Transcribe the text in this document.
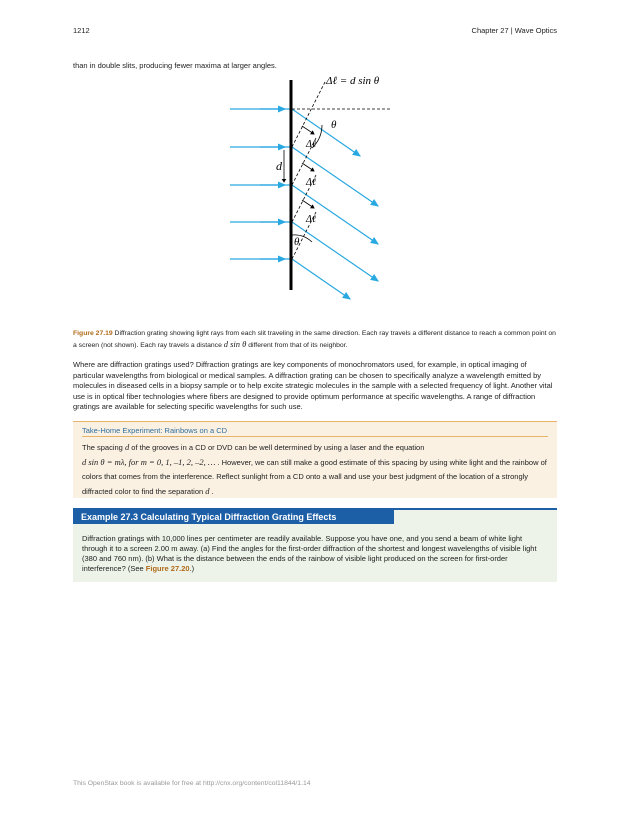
1212	Chapter 27 | Wave Optics
than in double slits, producing fewer maxima at larger angles.
Δℓ = d sin θ
θ
Δℓ
Δℓ
Δℓ
d
θ
Figure 27.19 Diffraction grating showing light rays from each slit traveling in the same direction. Each ray travels a different distance to reach a common point on a screen (not shown). Each ray travels a distance d sin θ different from that of its neighbor.
Where are diffraction gratings used? Diffraction gratings are key components of monochromators used, for example, in optical imaging of particular wavelengths from biological or medical samples. A diffraction grating can be chosen to specifically analyze a wavelength emitted by molecules in diseased cells in a biopsy sample or to help excite strategic molecules in the sample with a selected frequency of light. Another vital use is in optical fiber technologies where fibers are designed to provide optimum performance at specific wavelengths. A range of diffraction gratings are available for selecting specific wavelengths for such use.
Take-Home Experiment: Rainbows on a CD
The spacing d of the grooves in a CD or DVD can be well determined by using a laser and the equation
d sin θ = mλ, for m = 0, 1, –1, 2, –2, … . However, we can still make a good estimate of this spacing by using white light and the rainbow of colors that comes from the interference. Reflect sunlight from a CD onto a wall and use your best judgment of the location of a strongly diffracted color to find the separation d .
Example 27.3 Calculating Typical Diffraction Grating Effects
Diffraction gratings with 10,000 lines per centimeter are readily available. Suppose you have one, and you send a beam of white light through it to a screen 2.00 m away. (a) Find the angles for the first-order diffraction of the shortest and longest wavelengths of visible light (380 and 760 nm). (b) What is the distance between the ends of the rainbow of visible light produced on the screen for first-order interference? (See Figure 27.20.)
This OpenStax book is available for free at http://cnx.org/content/col11844/1.14
